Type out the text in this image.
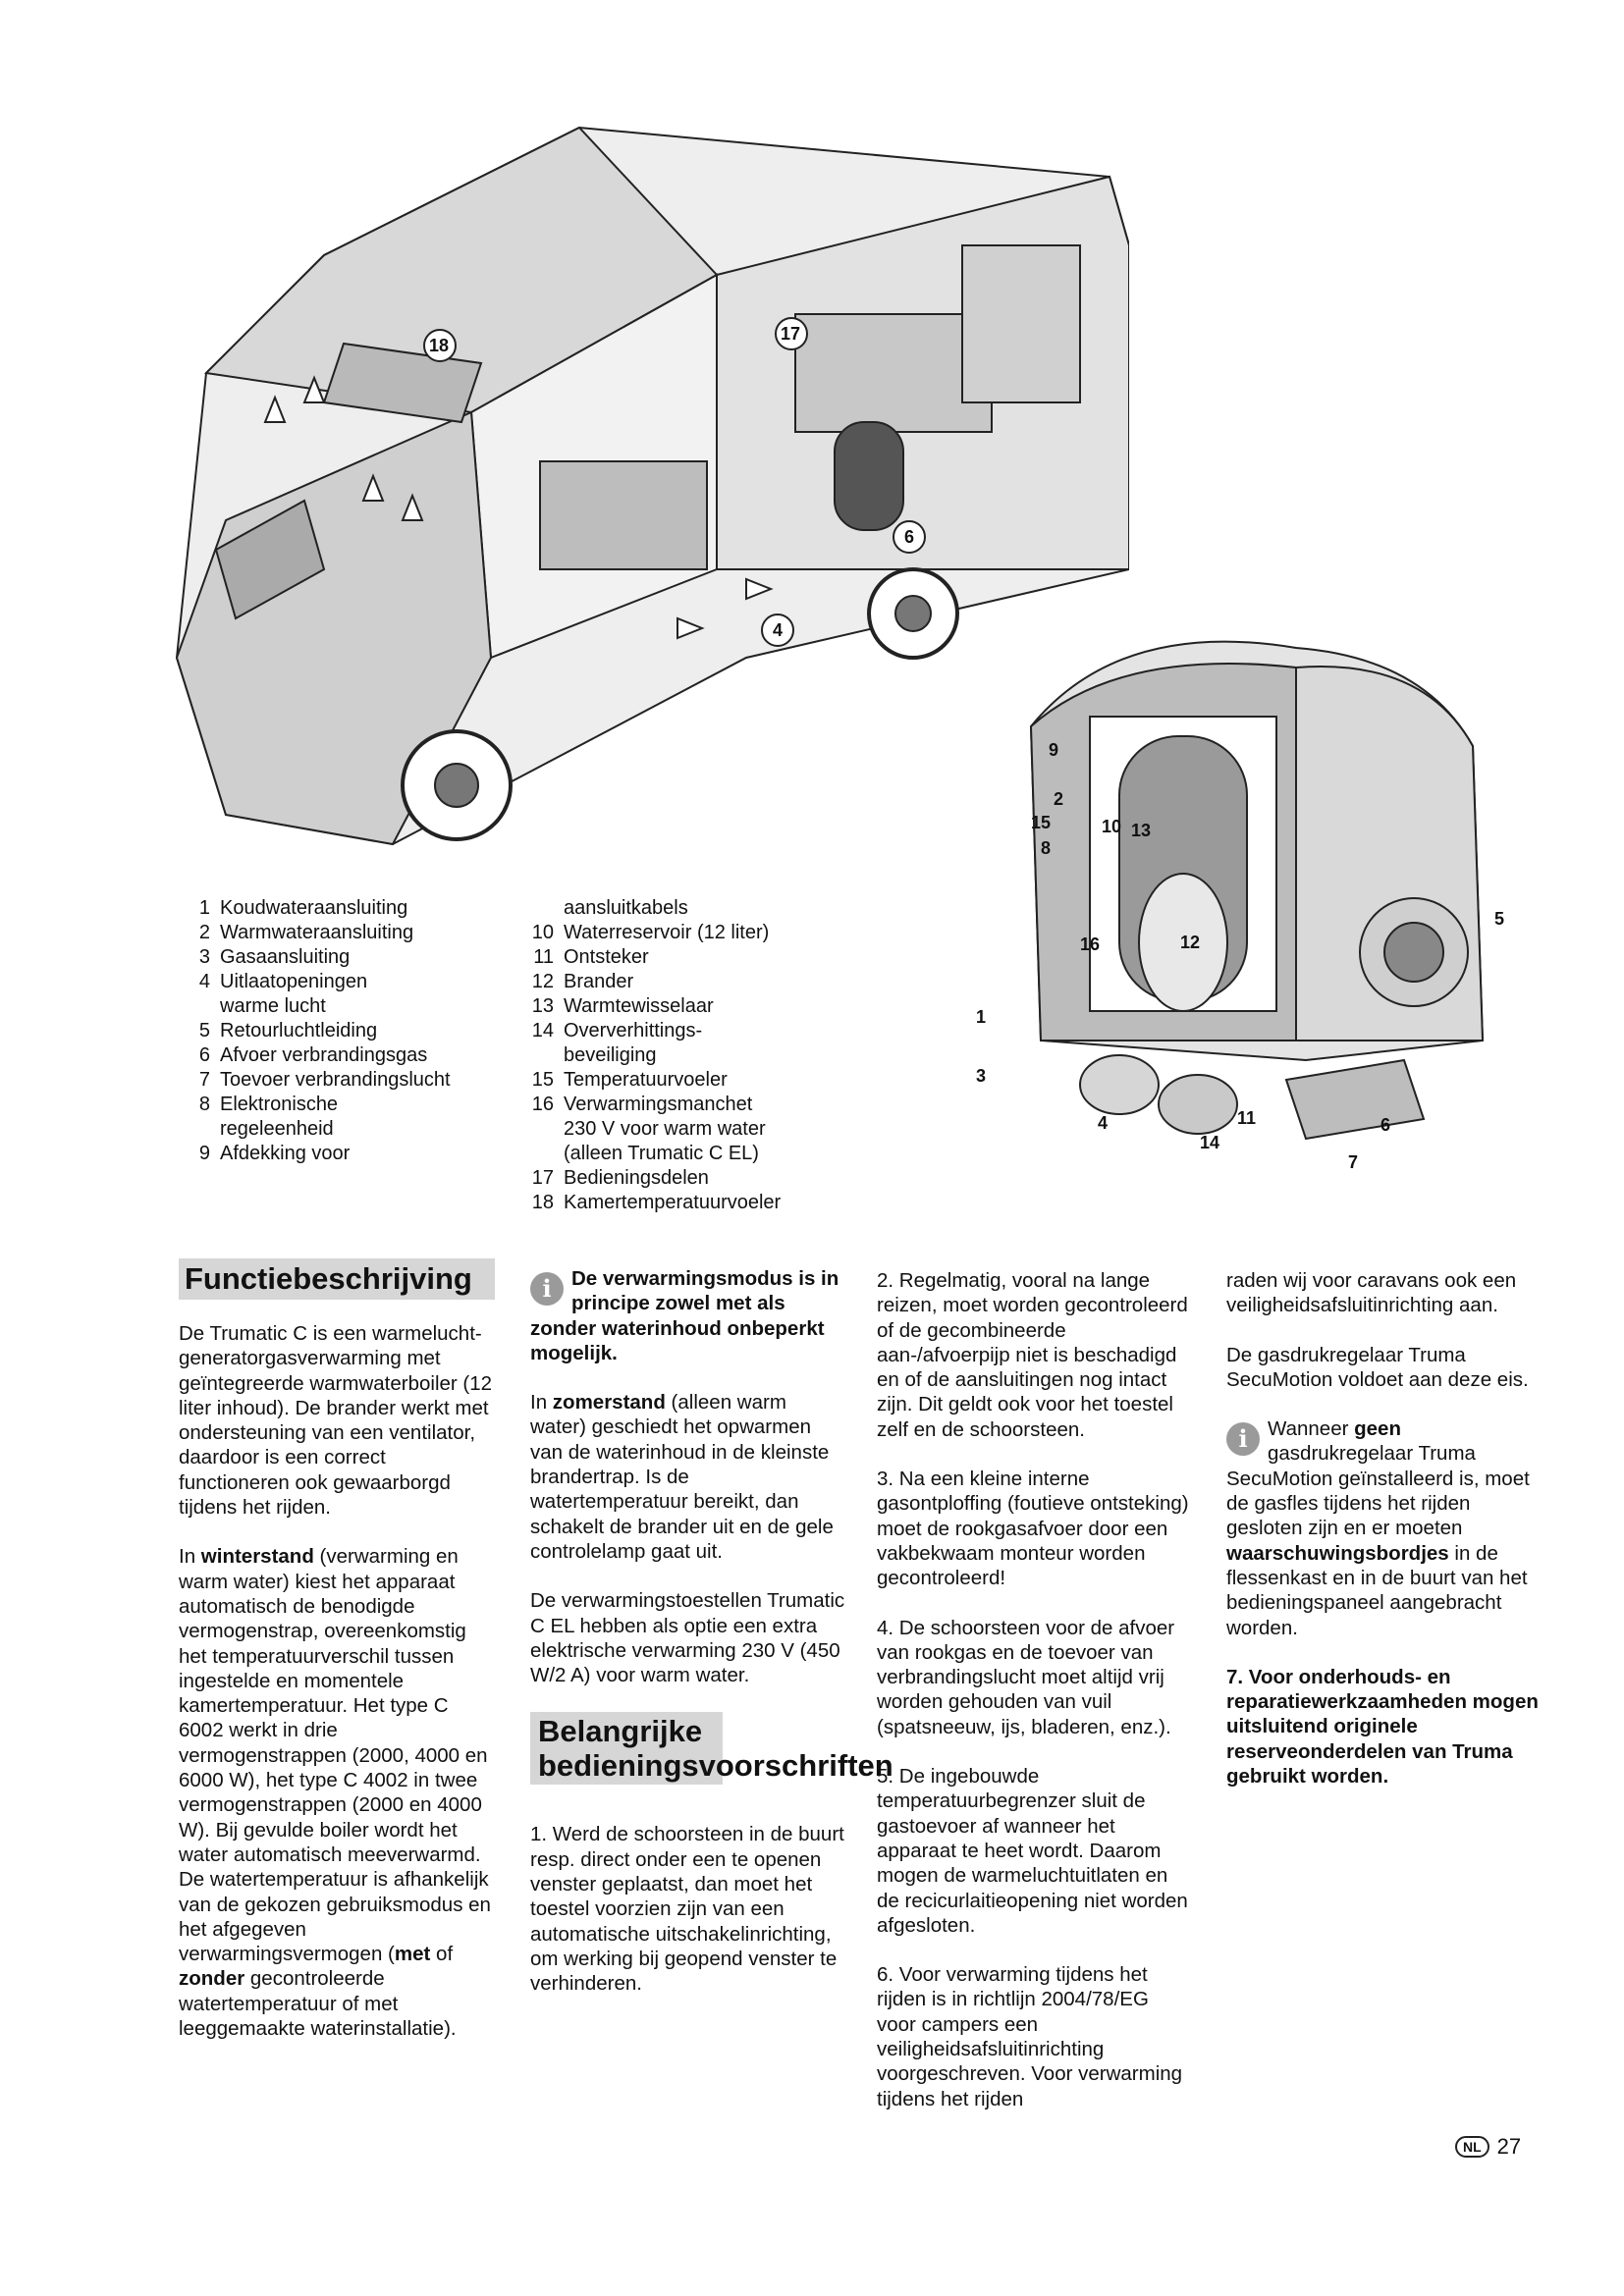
18
17
6
4
9
2
15
8
10 13
16	12
5
1
3
4	11
14
6
7
1 Koudwateraansluiting
2 Warmwateraansluiting
3 Gasaansluiting
4 Uitlaatopeningen
warme lucht
5 Retourluchtleiding
6 Afvoer verbrandingsgas
7 Toevoer verbrandingslucht
8 Elektronische
regeleenheid
9 Afdekking voor
aansluitkabels
10 Waterreservoir (12 liter)
11 Ontsteker
12 Brander
13 Warmtewisselaar
14 Oververhittings-
beveiliging
15 Temperatuurvoeler
16 Verwarmingsmanchet
230 V voor warm water
(alleen Trumatic C EL)
17 Bedieningsdelen
18 Kamertemperatuurvoeler
Functiebeschrijving

De Trumatic C is een warmelucht-generatorgasverwarming met geïntegreerde warmwaterboiler (12 liter inhoud). De brander werkt met ondersteuning van een ventilator, daardoor is een correct functioneren ook gewaarborgd tijdens het rijden.

In winterstand (verwarming en warm water) kiest het apparaat automatisch de benodigde vermogenstrap, overeenkomstig het temperatuurverschil tussen ingestelde en momentele kamertemperatuur. Het type C 6002 werkt in drie vermogenstrappen (2000, 4000 en 6000 W), het type C 4002 in twee vermogenstrappen (2000 en 4000 W). Bij gevulde boiler wordt het water automatisch meeverwarmd. De watertemperatuur is afhankelijk van de gekozen gebruiksmodus en het afgegeven verwarmingsvermogen (met of zonder gecontroleerde watertemperatuur of met leeggemaakte waterinstallatie).

i De verwarmingsmodus is in principe zowel met als zonder waterinhoud onbeperkt mogelijk.

In zomerstand (alleen warm water) geschiedt het opwarmen van de waterinhoud in de kleinste brandertrap. Is de watertemperatuur bereikt, dan schakelt de brander uit en de gele controlelamp gaat uit.

De verwarmingstoestellen Trumatic C EL hebben als optie een extra elektrische verwarming 230 V (450 W/2 A) voor warm water.

Belangrijke bedieningsvoorschriften

1. Werd de schoorsteen in de buurt resp. direct onder een te openen venster geplaatst, dan moet het toestel voorzien zijn van een automatische uitschakelinrichting, om werking bij geopend venster te verhinderen.

2. Regelmatig, vooral na lange reizen, moet worden gecontroleerd of de gecombineerde aan-/afvoerpijp niet is beschadigd en of de aansluitingen nog intact zijn. Dit geldt ook voor het toestel zelf en de schoorsteen.

3. Na een kleine interne gasontploffing (foutieve ontsteking) moet de rookgasafvoer door een vakbekwaam monteur worden gecontroleerd!

4. De schoorsteen voor de afvoer van rookgas en de toevoer van verbrandingslucht moet altijd vrij worden gehouden van vuil (spatsneeuw, ijs, bladeren, enz.).

5. De ingebouwde temperatuurbegrenzer sluit de gastoevoer af wanneer het apparaat te heet wordt. Daarom mogen de warmeluchtuitlaten en de recicurlaitieopening niet worden afgesloten.

6. Voor verwarming tijdens het rijden is in richtlijn 2004/78/EG voor campers een veiligheidsafsluitinrichting voorgeschreven. Voor verwarming tijdens het rijden

raden wij voor caravans ook een veiligheidsafsluitinrichting aan.

De gasdrukregelaar Truma SecuMotion voldoet aan deze eis.

i Wanneer geen gasdrukregelaar Truma SecuMotion geïnstalleerd is, moet de gasfles tijdens het rijden gesloten zijn en er moeten waarschuwingsbordjes in de flessenkast en in de buurt van het bedieningspaneel aangebracht worden.

7. Voor onderhouds- en reparatiewerkzaamheden mogen uitsluitend originele reserveonderdelen van Truma gebruikt worden.

NL 27
